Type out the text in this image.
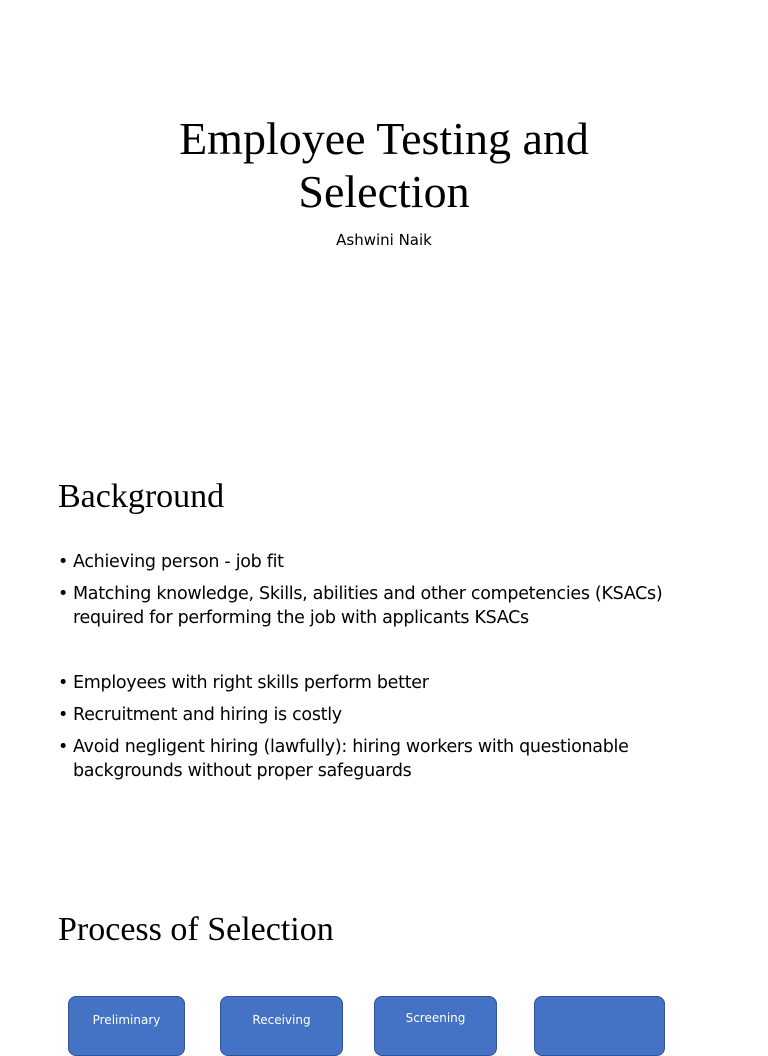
Employee Testing and
Selection
Ashwini Naik
Background
• Achieving person - job fit
• Matching knowledge, Skills, abilities and other competencies (KSACs) required for performing the job with applicants KSACs
• Employees with right skills perform better
• Recruitment and hiring is costly
• Avoid negligent hiring (lawfully): hiring workers with questionable backgrounds without proper safeguards
Process of Selection
Preliminary	Receiving	Screening
